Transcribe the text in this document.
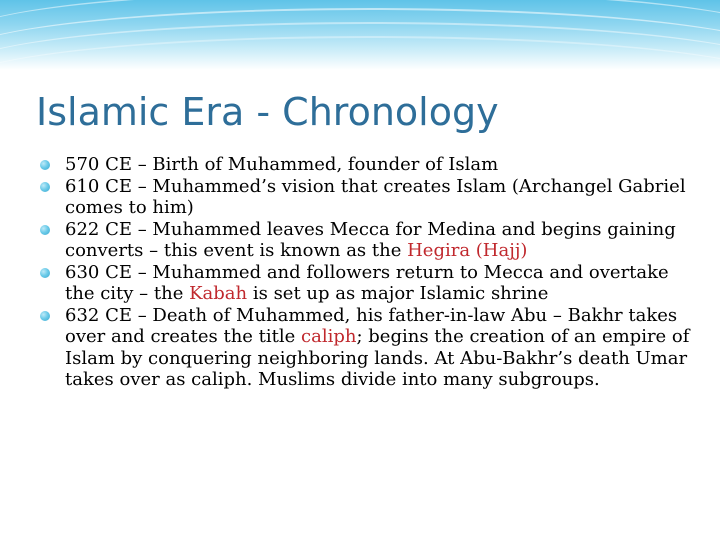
Islamic Era - Chronology
570 CE – Birth of Muhammed, founder of Islam
610 CE – Muhammed’s vision that creates Islam (Archangel Gabriel comes to him)
622 CE – Muhammed leaves Mecca for Medina and begins gaining converts – this event is known as the Hegira (Hajj)
630 CE – Muhammed and followers return to Mecca and overtake the city – the Kabah is set up as major Islamic shrine
632 CE – Death of Muhammed, his father-in-law Abu – Bakhr takes over and creates the title caliph; begins the creation of an empire of Islam by conquering neighboring lands. At Abu-Bakhr’s death Umar takes over as caliph. Muslims divide into many subgroups.
